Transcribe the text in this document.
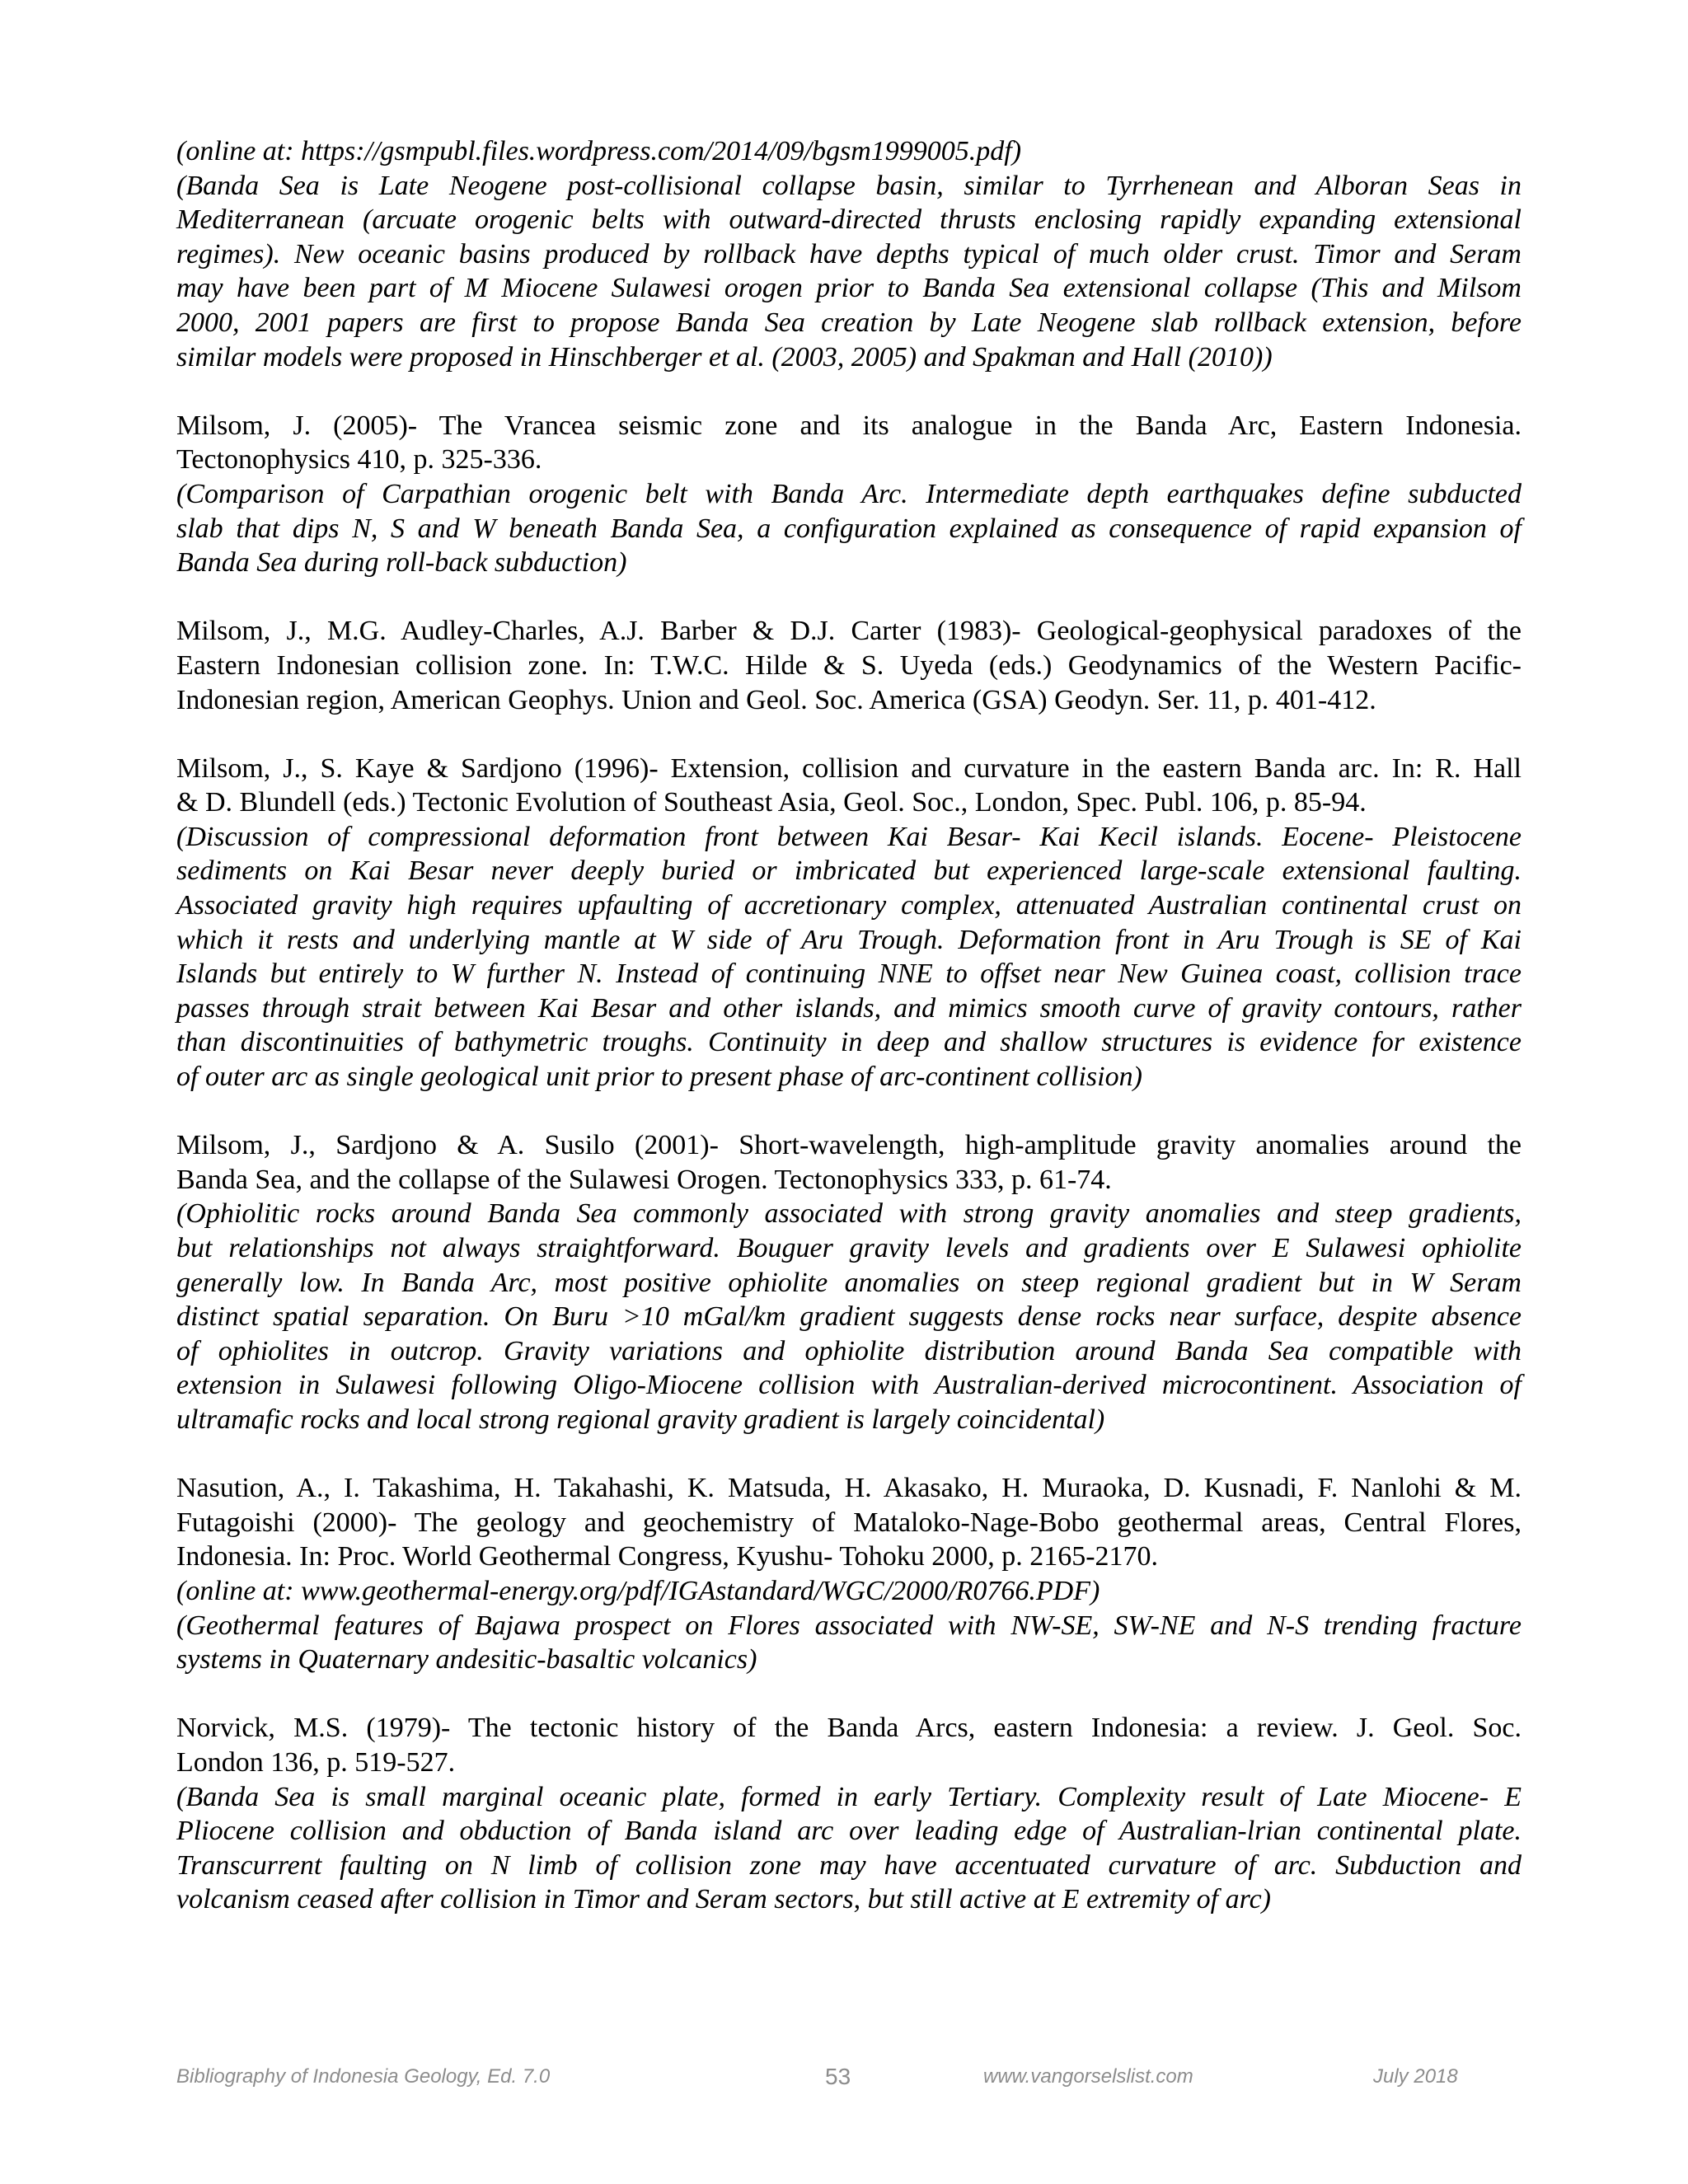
(online at: https://gsmpubl.files.wordpress.com/2014/09/bgsm1999005.pdf)
(Banda Sea is Late Neogene post-collisional collapse basin, similar to Tyrrhenean and Alboran Seas in
Mediterranean (arcuate orogenic belts with outward-directed thrusts enclosing rapidly expanding extensional
regimes). New oceanic basins produced by rollback have depths typical of much older crust. Timor and Seram
may have been part of M Miocene Sulawesi orogen prior to Banda Sea extensional collapse (This and Milsom
2000, 2001 papers are first to propose Banda Sea creation by Late Neogene slab rollback extension, before
similar models were proposed in Hinschberger et al. (2003, 2005) and Spakman and Hall (2010))
Milsom, J. (2005)- The Vrancea seismic zone and its analogue in the Banda Arc, Eastern Indonesia.
Tectonophysics 410, p. 325-336.
(Comparison of Carpathian orogenic belt with Banda Arc. Intermediate depth earthquakes define subducted
slab that dips N, S and W beneath Banda Sea, a configuration explained as consequence of rapid expansion of
Banda Sea during roll-back subduction)
Milsom, J., M.G. Audley-Charles, A.J. Barber & D.J. Carter (1983)- Geological-geophysical paradoxes of the
Eastern Indonesian collision zone. In: T.W.C. Hilde & S. Uyeda (eds.) Geodynamics of the Western Pacific-
Indonesian region, American Geophys. Union and Geol. Soc. America (GSA) Geodyn. Ser. 11, p. 401-412.
Milsom, J., S. Kaye & Sardjono (1996)- Extension, collision and curvature in the eastern Banda arc. In: R. Hall
& D. Blundell (eds.) Tectonic Evolution of Southeast Asia, Geol. Soc., London, Spec. Publ. 106, p. 85-94.
(Discussion of compressional deformation front between Kai Besar- Kai Kecil islands. Eocene- Pleistocene
sediments on Kai Besar never deeply buried or imbricated but experienced large-scale extensional faulting.
Associated gravity high requires upfaulting of accretionary complex, attenuated Australian continental crust on
which it rests and underlying mantle at W side of Aru Trough. Deformation front in Aru Trough is SE of Kai
Islands but entirely to W further N. Instead of continuing NNE to offset near New Guinea coast, collision trace
passes through strait between Kai Besar and other islands, and mimics smooth curve of gravity contours, rather
than discontinuities of bathymetric troughs. Continuity in deep and shallow structures is evidence for existence
of outer arc as single geological unit prior to present phase of arc-continent collision)
Milsom, J., Sardjono & A. Susilo (2001)- Short-wavelength, high-amplitude gravity anomalies around the
Banda Sea, and the collapse of the Sulawesi Orogen. Tectonophysics 333, p. 61-74.
(Ophiolitic rocks around Banda Sea commonly associated with strong gravity anomalies and steep gradients,
but relationships not always straightforward. Bouguer gravity levels and gradients over E Sulawesi ophiolite
generally low. In Banda Arc, most positive ophiolite anomalies on steep regional gradient but in W Seram
distinct spatial separation. On Buru >10 mGal/km gradient suggests dense rocks near surface, despite absence
of ophiolites in outcrop. Gravity variations and ophiolite distribution around Banda Sea compatible with
extension in Sulawesi following Oligo-Miocene collision with Australian-derived microcontinent. Association of
ultramafic rocks and local strong regional gravity gradient is largely coincidental)
Nasution, A., I. Takashima, H. Takahashi, K. Matsuda, H. Akasako, H. Muraoka, D. Kusnadi, F. Nanlohi & M.
Futagoishi (2000)- The geology and geochemistry of Mataloko-Nage-Bobo geothermal areas, Central Flores,
Indonesia. In: Proc. World Geothermal Congress, Kyushu- Tohoku 2000, p. 2165-2170.
(online at: www.geothermal-energy.org/pdf/IGAstandard/WGC/2000/R0766.PDF)
(Geothermal features of Bajawa prospect on Flores associated with NW-SE, SW-NE and N-S trending fracture
systems in Quaternary andesitic-basaltic volcanics)
Norvick, M.S. (1979)- The tectonic history of the Banda Arcs, eastern Indonesia: a review. J. Geol. Soc.
London 136, p. 519-527.
(Banda Sea is small marginal oceanic plate, formed in early Tertiary. Complexity result of Late Miocene- E
Pliocene collision and obduction of Banda island arc over leading edge of Australian-lrian continental plate.
Transcurrent faulting on N limb of collision zone may have accentuated curvature of arc. Subduction and
volcanism ceased after collision in Timor and Seram sectors, but still active at E extremity of arc)
Bibliography of Indonesia Geology, Ed. 7.0	53	www.vangorselslist.com	July 2018
